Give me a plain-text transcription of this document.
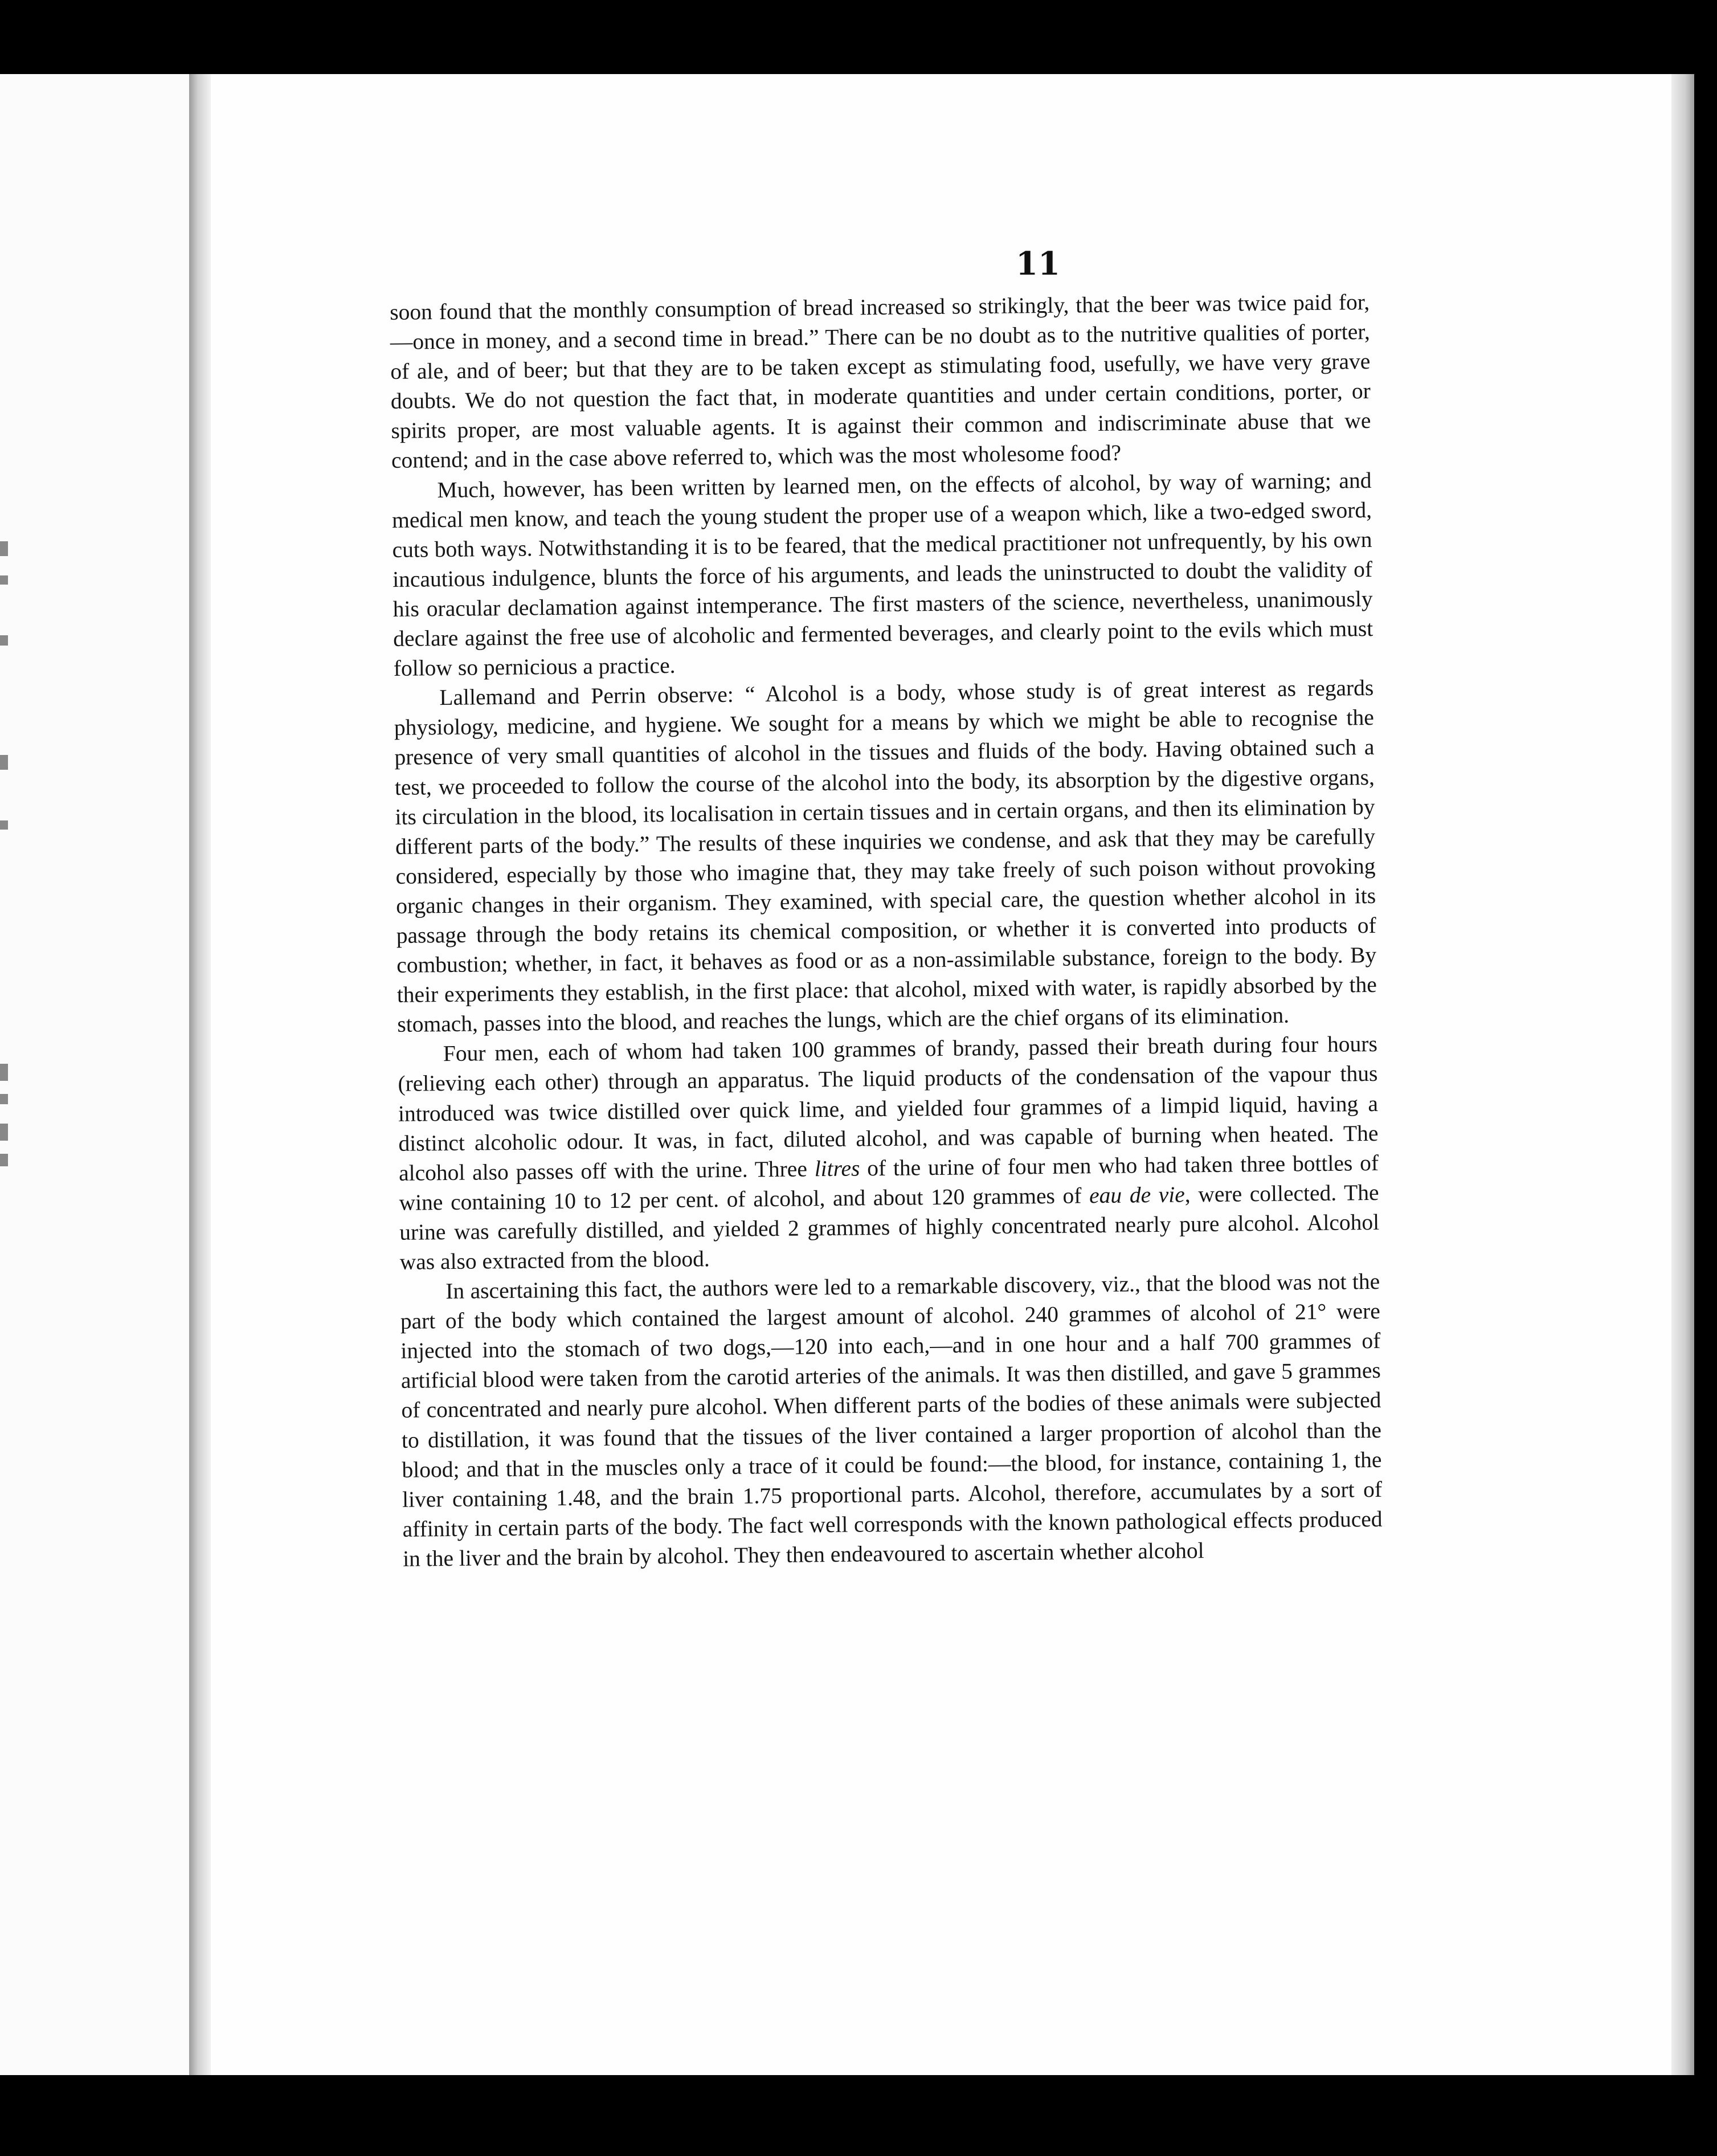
11

soon found that the monthly consumption of bread increased so strikingly, that the beer was twice paid for,—once in money, and a second time in bread.” There can be no doubt as to the nutritive qualities of porter, of ale, and of beer; but that they are to be taken except as stimulating food, usefully, we have very grave doubts. We do not question the fact that, in moderate quantities and under certain conditions, porter, or spirits proper, are most valuable agents. It is against their common and indiscriminate abuse that we contend; and in the case above referred to, which was the most wholesome food?

Much, however, has been written by learned men, on the effects of alcohol, by way of warning; and medical men know, and teach the young student the proper use of a weapon which, like a two-edged sword, cuts both ways. Notwithstanding it is to be feared, that the medical practitioner not unfrequently, by his own incautious indulgence, blunts the force of his arguments, and leads the uninstructed to doubt the validity of his oracular declamation against intemperance. The first masters of the science, nevertheless, unanimously declare against the free use of alcoholic and fermented beverages, and clearly point to the evils which must follow so pernicious a practice.

Lallemand and Perrin observe: “ Alcohol is a body, whose study is of great interest as regards physiology, medicine, and hygiene. We sought for a means by which we might be able to recognise the presence of very small quantities of alcohol in the tissues and fluids of the body. Having obtained such a test, we proceeded to follow the course of the alcohol into the body, its absorption by the digestive organs, its circulation in the blood, its localisation in certain tissues and in certain organs, and then its elimination by different parts of the body.” The results of these inquiries we condense, and ask that they may be carefully considered, especially by those who imagine that, they may take freely of such poison without provoking organic changes in their organism. They examined, with special care, the question whether alcohol in its passage through the body retains its chemical composition, or whether it is converted into products of combustion; whether, in fact, it behaves as food or as a non-assimilable substance, foreign to the body. By their experiments they establish, in the first place: that alcohol, mixed with water, is rapidly absorbed by the stomach, passes into the blood, and reaches the lungs, which are the chief organs of its elimination.

Four men, each of whom had taken 100 grammes of brandy, passed their breath during four hours (relieving each other) through an apparatus. The liquid products of the condensation of the vapour thus introduced was twice distilled over quick lime, and yielded four grammes of a limpid liquid, having a distinct alcoholic odour. It was, in fact, diluted alcohol, and was capable of burning when heated. The alcohol also passes off with the urine. Three litres of the urine of four men who had taken three bottles of wine containing 10 to 12 per cent. of alcohol, and about 120 grammes of eau de vie, were collected. The urine was carefully distilled, and yielded 2 grammes of highly concentrated nearly pure alcohol. Alcohol was also extracted from the blood.

In ascertaining this fact, the authors were led to a remarkable discovery, viz., that the blood was not the part of the body which contained the largest amount of alcohol. 240 grammes of alcohol of 21° were injected into the stomach of two dogs,—120 into each,—and in one hour and a half 700 grammes of artificial blood were taken from the carotid arteries of the animals. It was then distilled, and gave 5 grammes of concentrated and nearly pure alcohol. When different parts of the bodies of these animals were subjected to distillation, it was found that the tissues of the liver contained a larger proportion of alcohol than the blood; and that in the muscles only a trace of it could be found:—the blood, for instance, containing 1, the liver containing 1.48, and the brain 1.75 proportional parts. Alcohol, therefore, accumulates by a sort of affinity in certain parts of the body. The fact well corresponds with the known pathological effects produced in the liver and the brain by alcohol. They then endeavoured to ascertain whether alcohol
